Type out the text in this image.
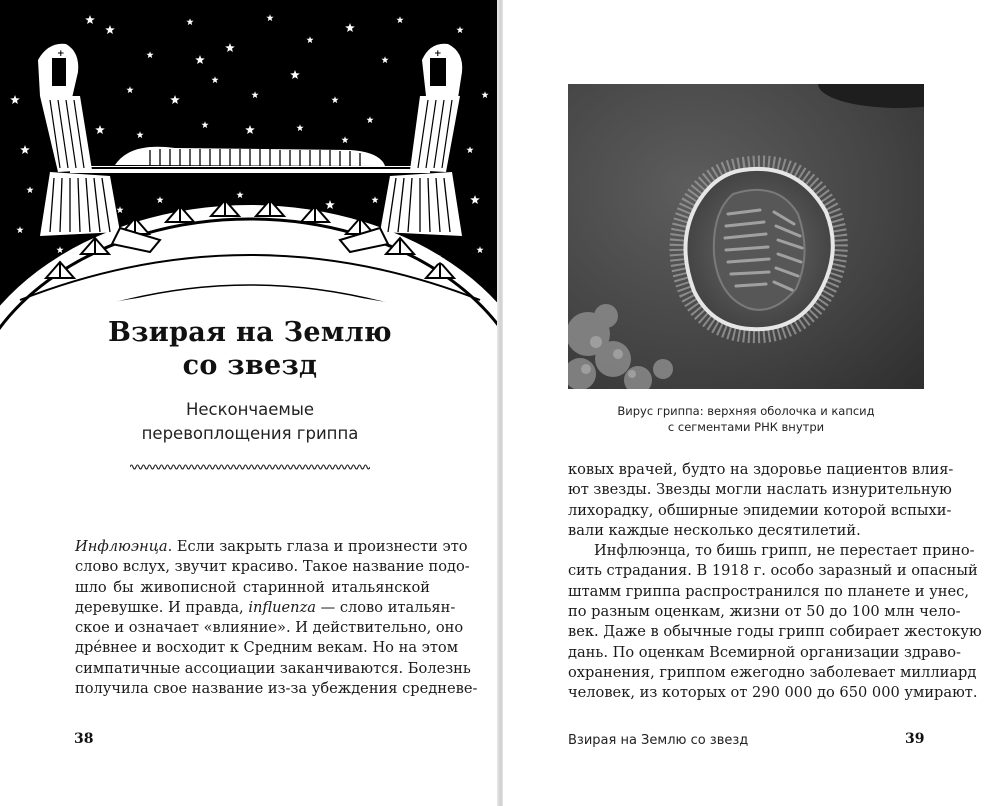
+	+
Взирая на Землю
со звезд
Нескончаемые
перевоплощения гриппа
Инфлюэнца. Если закрыть глаза и произнести это
слово вслух, звучит красиво. Такое название подо-
шло бы живописной старинной итальянской
деревушке. И правда, influenza — слово итальян-
ское и означает «влияние». И действительно, оно
дрéвнее и восходит к Средним векам. Но на этом
симпатичные ассоциации заканчиваются. Болезнь
получила свое название из-за убеждения средневе-
38
Вирус гриппа: верхняя оболочка и капсид
с сегментами РНК внутри
ковых врачей, будто на здоровье пациентов влия-
ют звезды. Звезды могли наслать изнурительную
лихорадку, обширные эпидемии которой вспыхи-
вали каждые несколько десятилетий.
Инфлюэнца, то бишь грипп, не перестает прино-
сить страдания. В 1918 г. особо заразный и опасный
штамм гриппа распространился по планете и унес,
по разным оценкам, жизни от 50 до 100 млн чело-
век. Даже в обычные годы грипп собирает жестокую
дань. По оценкам Всемирной организации здраво-
охранения, гриппом ежегодно заболевает миллиард
человек, из которых от 290 000 до 650 000 умирают.
Взирая на Землю со звезд	39
